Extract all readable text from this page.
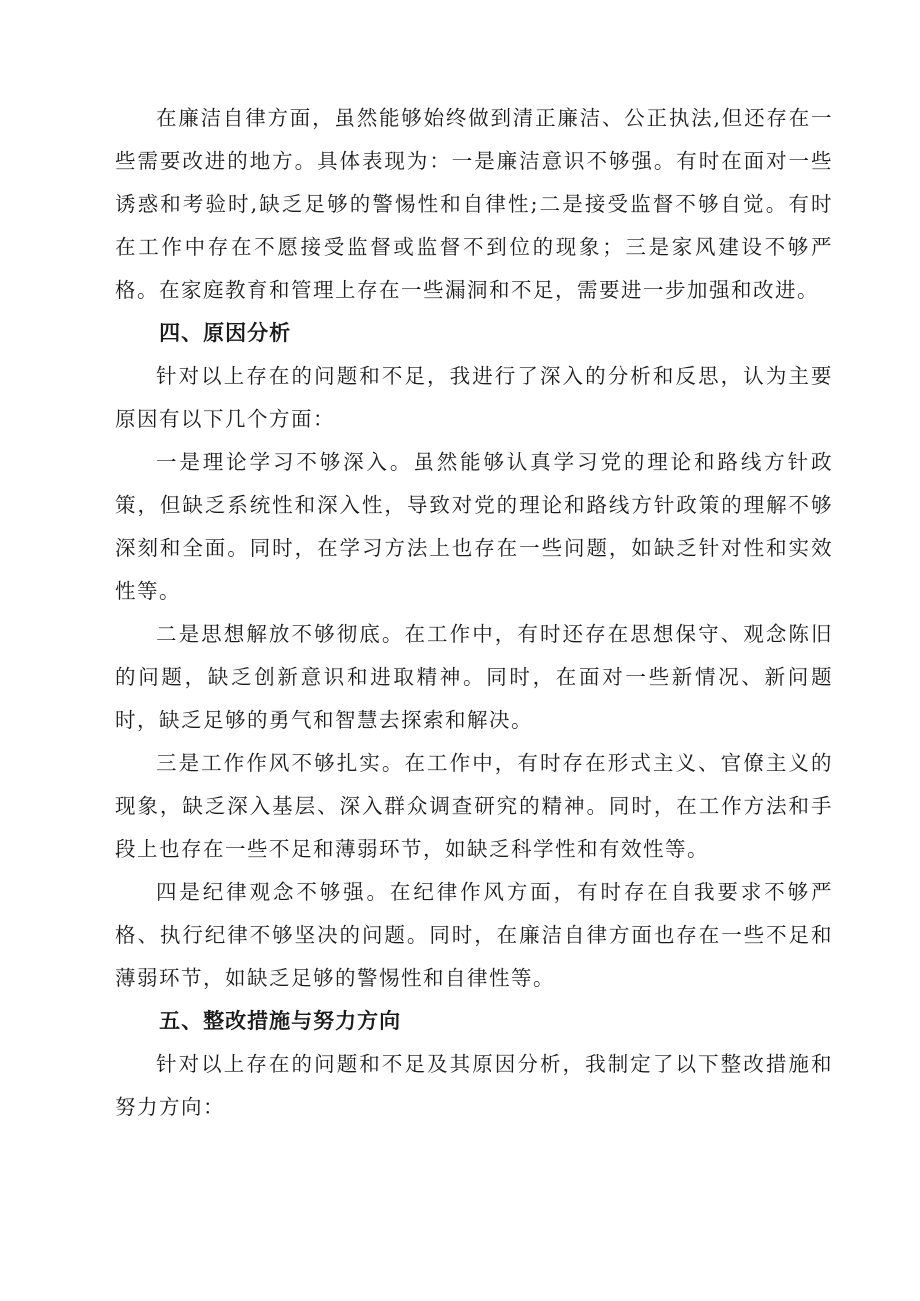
在廉洁自律方面，虽然能够始终做到清正廉洁、公正执法,但还存在一些需要改进的地方。具体表现为：一是廉洁意识不够强。有时在面对一些诱惑和考验时,缺乏足够的警惕性和自律性;二是接受监督不够自觉。有时在工作中存在不愿接受监督或监督不到位的现象；三是家风建设不够严格。在家庭教育和管理上存在一些漏洞和不足，需要进一步加强和改进。

四、原因分析

针对以上存在的问题和不足，我进行了深入的分析和反思，认为主要原因有以下几个方面：

一是理论学习不够深入。虽然能够认真学习党的理论和路线方针政策，但缺乏系统性和深入性，导致对党的理论和路线方针政策的理解不够深刻和全面。同时，在学习方法上也存在一些问题，如缺乏针对性和实效性等。

二是思想解放不够彻底。在工作中，有时还存在思想保守、观念陈旧的问题，缺乏创新意识和进取精神。同时，在面对一些新情况、新问题时，缺乏足够的勇气和智慧去探索和解决。

三是工作作风不够扎实。在工作中，有时存在形式主义、官僚主义的现象，缺乏深入基层、深入群众调查研究的精神。同时，在工作方法和手段上也存在一些不足和薄弱环节，如缺乏科学性和有效性等。

四是纪律观念不够强。在纪律作风方面，有时存在自我要求不够严格、执行纪律不够坚决的问题。同时，在廉洁自律方面也存在一些不足和薄弱环节，如缺乏足够的警惕性和自律性等。

五、整改措施与努力方向

针对以上存在的问题和不足及其原因分析，我制定了以下整改措施和努力方向：
